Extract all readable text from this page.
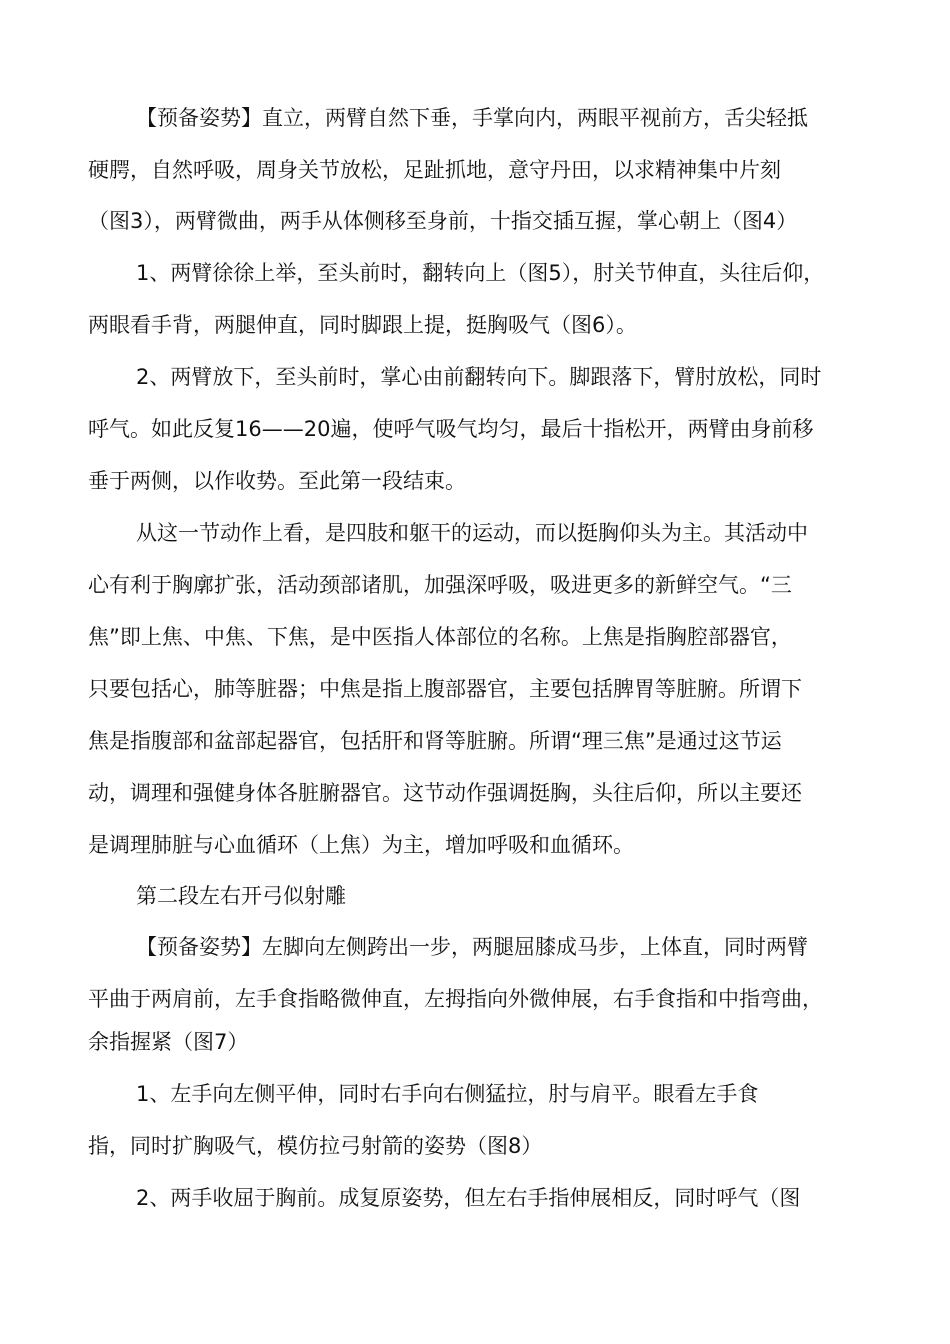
【预备姿势】直立，两臂自然下垂，手掌向内，两眼平视前方，舌尖轻抵
硬腭，自然呼吸，周身关节放松，足趾抓地，意守丹田，以求精神集中片刻
（图3），两臂微曲，两手从体侧移至身前，十指交插互握，掌心朝上（图4）
1、两臂徐徐上举，至头前时，翻转向上（图5），肘关节伸直，头往后仰，
两眼看手背，两腿伸直，同时脚跟上提，挺胸吸气（图6）。
2、两臂放下，至头前时，掌心由前翻转向下。脚跟落下，臂肘放松，同时
呼气。如此反复16——20遍，使呼气吸气均匀，最后十指松开，两臂由身前移
垂于两侧，以作收势。至此第一段结束。
从这一节动作上看，是四肢和躯干的运动，而以挺胸仰头为主。其活动中
心有利于胸廓扩张，活动颈部诸肌，加强深呼吸，吸进更多的新鲜空气。“三
焦”即上焦、中焦、下焦，是中医指人体部位的名称。上焦是指胸腔部器官，
只要包括心，肺等脏器；中焦是指上腹部器官，主要包括脾胃等脏腑。所谓下
焦是指腹部和盆部起器官，包括肝和肾等脏腑。所谓“理三焦”是通过这节运
动，调理和强健身体各脏腑器官。这节动作强调挺胸，头往后仰，所以主要还
是调理肺脏与心血循环（上焦）为主，增加呼吸和血循环。
第二段左右开弓似射雕
【预备姿势】左脚向左侧跨出一步，两腿屈膝成马步，上体直，同时两臂
平曲于两肩前，左手食指略微伸直，左拇指向外微伸展，右手食指和中指弯曲，
余指握紧（图7）
1、左手向左侧平伸，同时右手向右侧猛拉，肘与肩平。眼看左手食
指，同时扩胸吸气，模仿拉弓射箭的姿势（图8）
2、两手收屈于胸前。成复原姿势，但左右手指伸展相反，同时呼气（图
